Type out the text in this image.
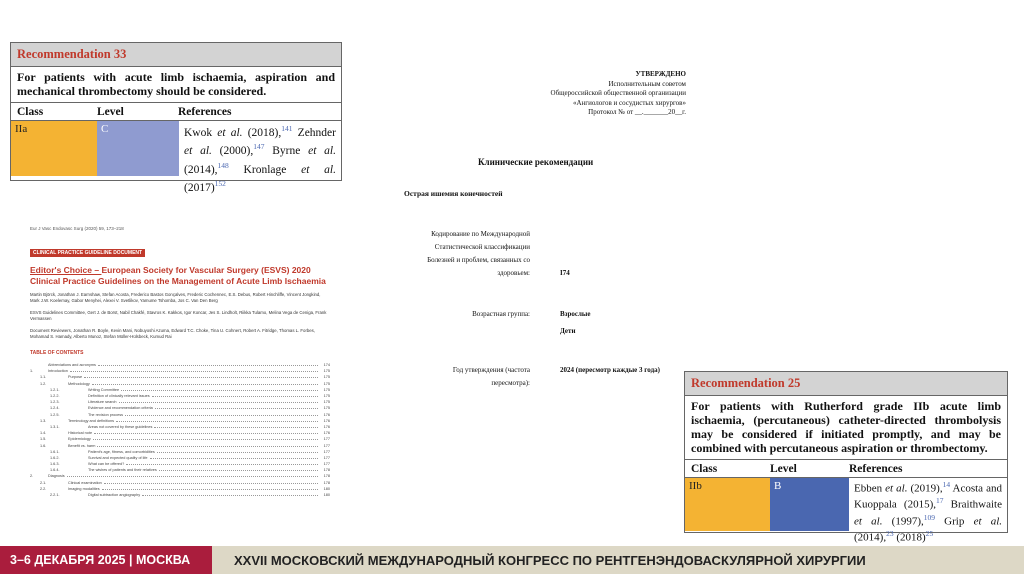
Recommendation 33
For patients with acute limb ischaemia, aspiration and mechanical thrombectomy should be considered.
Class	Level	References
IIa	C	Kwok et al. (2018),$^{141}$ Zehnder et al. (2000),$^{147}$ Byrne et al. (2014),$^{148}$ Kronlage et al. $(2017)^{152}$
Eur J Vasc Endovasc Surg (2020) 59, 173–218
CLINICAL PRACTICE GUIDELINE DOCUMENT
Editor's Choice – European Society for Vascular Surgery (ESVS) 2020 Clinical Practice Guidelines on the Management of Acute Limb Ischaemia
Martin Björck, Jonathan J. Earnshaw, Stefan Acosta, Frederico Bastos Gonçalves, Frederic Cochennec, E.S. Debus, Robert Hinchliffe, Vincent Jongkind, Mark J.W. Koelemay, Gabor Menyhei, Alexei V. Svetlikov, Yamume Tshomba, Jos C. Van Den Berg
ESVS Guidelines Committee, Gert J. de Borst, Nabil Chakfé, Stavros K. Kakkos, Igor Koncar, Jes S. Lindholt, Riikka Tulamo, Melina Vega de Ceniga, Frank Vermassen
Document Reviewers, Jonathan R. Boyle, Kevin Mani, Nobuyoshi Azuma, Edward T.C. Choke, Tina U. Cohnert, Robert A. Fitridge, Thomas L. Forbes, Mohamad S. Hamady, Alberto Munoz, Stefan Müller-Hülsbeck, Kumud Rai
TABLE OF CONTENTS
Abbreviations and acronyms	174
1.	Introduction	175
1.1.	Purpose	175
1.2.	Methodology	175
1.2.1.	Writing Committee	175
1.2.2.	Definition of clinically relevant issues	175
1.2.3.	Literature search	175
1.2.4.	Evidence and recommendation criteria	175
1.2.5.	The revision process	176
1.3.	Terminology and definitions	176
1.3.1.	Areas not covered by these guidelines	176
1.4.	Historical note	176
1.5.	Epidemiology	177
1.6.	Benefit vs. harm	177
1.6.1.	Patient's age, fitness, and comorbidities	177
1.6.2.	Survival and expected quality of life	177
1.6.3.	What can be offered?	177
1.6.4.	The wishes of patients and their relatives	178
2.	Diagnosis	178
2.1.	Clinical examination	178
2.2.	Imaging modalities	180
2.2.1.	Digital subtraction angiography	180
УТВЕРЖДЕНО
Исполнительным советом
Общероссийской общественной организации
«Ангиологов и сосудистых хирургов»
Протокол № от __._______20__г.
Клинические рекомендации
Острая ишемия конечностей
Кодирование по Международной
Статистической классификации
Болезней и проблем, связанных со
здоровьем:	I74
Возрастная группа:	Взрослые
Дети
Год утверждения (частота
пересмотра):
2024 (пересмотр каждые 3 года)
Recommendation 25
For patients with Rutherford grade IIb acute limb ischaemia, (percutaneous) catheter-directed thrombolysis may be considered if initiated promptly, and may be combined with percutaneous aspiration or thrombectomy.
Class	Level	References
IIb	B	Ebben et al. (2019),$^{14}$ Acosta and Kuoppala (2015),$^{17}$ Braithwaite et al. (1997),$^{109}$ Grip et al. (2014),$^{23}$ $(2018)^{25}$
3–6 ДЕКАБРЯ 2025 | МОСКВА	XXVII МОСКОВСКИЙ МЕЖДУНАРОДНЫЙ КОНГРЕСС ПО РЕНТГЕНЭНДОВАСКУЛЯРНОЙ ХИРУРГИИ
